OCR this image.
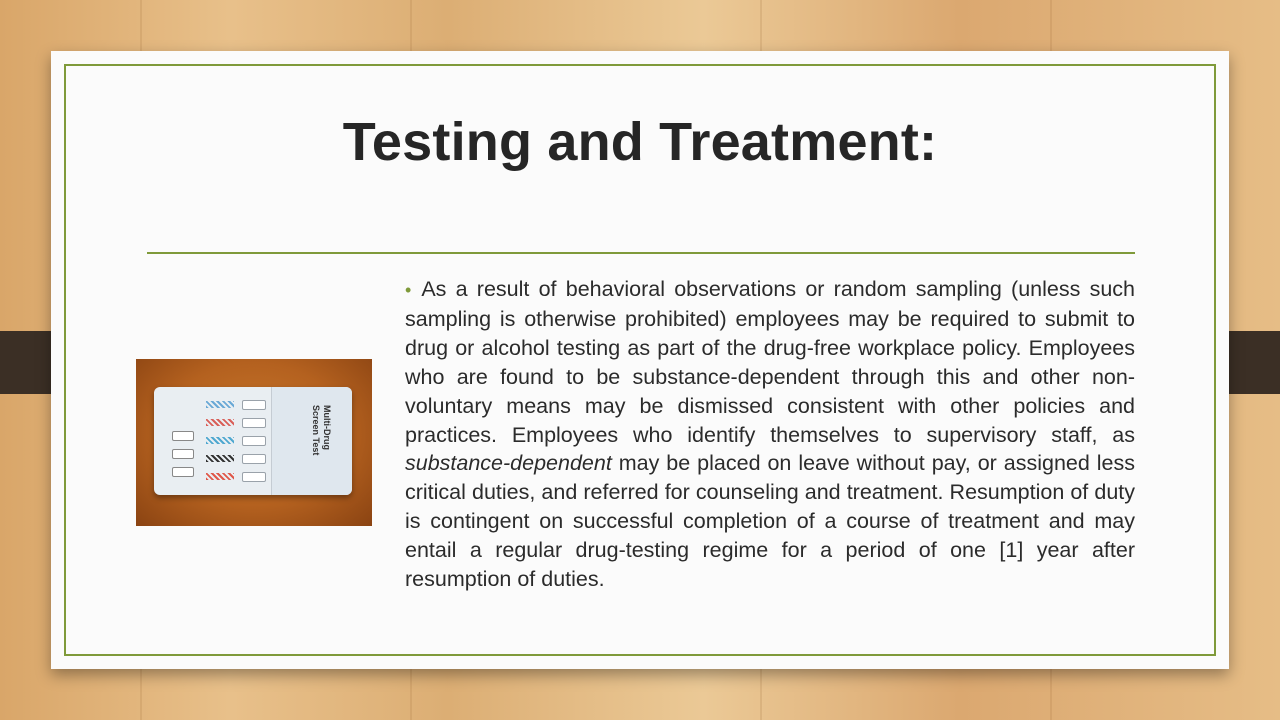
Testing and Treatment:
Multi-Drug Screen Test
• As a result of behavioral observations or random sampling (unless such sampling is otherwise prohibited) employees may be required to submit to drug or alcohol testing as part of the drug-free workplace policy. Employees who are found to be substance-dependent through this and other non-voluntary means may be dismissed consistent with other policies and practices. Employees who identify themselves to supervisory staff, as substance-dependent may be placed on leave without pay, or assigned less critical duties, and referred for counseling and treatment. Resumption of duty is contingent on successful completion of a course of treatment and may entail a regular drug-testing regime for a period of one [1] year after resumption of duties.
